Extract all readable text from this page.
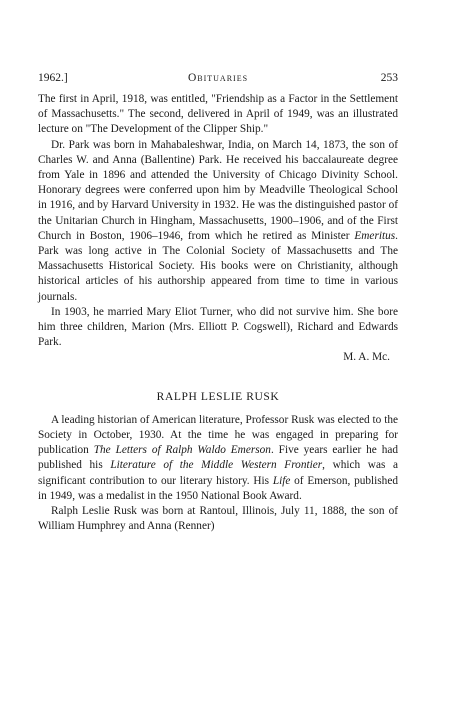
1962.]	Obituaries	253

The first in April, 1918, was entitled, "Friendship as a Factor in the Settlement of Massachusetts." The second, delivered in April of 1949, was an illustrated lecture on "The Development of the Clipper Ship."

Dr. Park was born in Mahabaleshwar, India, on March 14, 1873, the son of Charles W. and Anna (Ballentine) Park. He received his baccalaureate degree from Yale in 1896 and attended the University of Chicago Divinity School. Honorary degrees were conferred upon him by Meadville Theological School in 1916, and by Harvard University in 1932. He was the distinguished pastor of the Unitarian Church in Hingham, Massachusetts, 1900–1906, and of the First Church in Boston, 1906–1946, from which he retired as Minister Emeritus. Park was long active in The Colonial Society of Massachusetts and The Massachusetts Historical Society. His books were on Christianity, although historical articles of his authorship appeared from time to time in various journals.

In 1903, he married Mary Eliot Turner, who did not survive him. She bore him three children, Marion (Mrs. Elliott P. Cogswell), Richard and Edwards Park.

M. A. Mc.

RALPH LESLIE RUSK

A leading historian of American literature, Professor Rusk was elected to the Society in October, 1930. At the time he was engaged in preparing for publication The Letters of Ralph Waldo Emerson. Five years earlier he had published his Literature of the Middle Western Frontier, which was a significant contribution to our literary history. His Life of Emerson, published in 1949, was a medalist in the 1950 National Book Award.

Ralph Leslie Rusk was born at Rantoul, Illinois, July 11, 1888, the son of William Humphrey and Anna (Renner)
